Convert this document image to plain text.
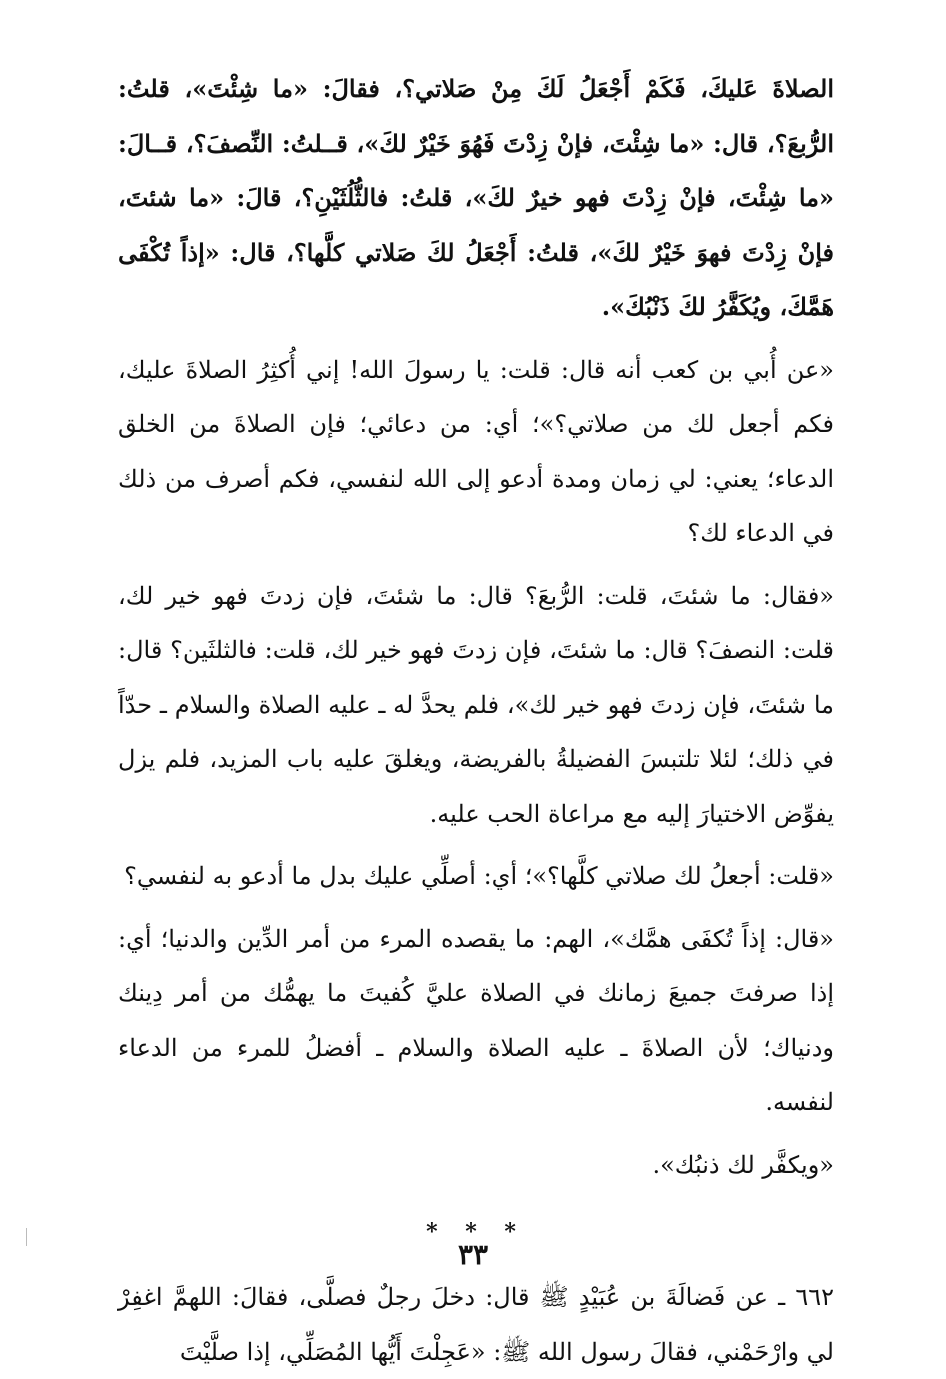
الصلاةَ عَليكَ، فَكَمْ أَجْعَلُ لَكَ مِنْ صَلاتي؟، فقالَ: «ما شِئْتَ»، قلتُ: الرُّبعَ؟، قال: «ما شِئْتَ، فإنْ زِدْتَ فَهُوَ خَيْرٌ لكَ»، قــلتُ: النِّصفَ؟، قــالَ: «ما شِئْتَ، فإنْ زِدْتَ فهو خيرٌ لكَ»، قلتُ: فالثُّلُثَيْنِ؟، قالَ: «ما شئتَ، فإنْ زِدْتَ فهوَ خَيْرٌ لكَ»، قلتُ: أَجْعَلُ لكَ صَلاتي كلَّها؟، قال: «إذاً تُكْفَى هَمَّكَ، ويُكَفَّرُ لكَ ذَنْبُكَ».

«عن أُبي بن كعب أنه قال: قلت: يا رسولَ الله! إني أُكثِرُ الصلاةَ عليك، فكم أجعل لك من صلاتي؟»؛ أي: من دعائي؛ فإن الصلاةَ من الخلق الدعاء؛ يعني: لي زمان ومدة أدعو إلى الله لنفسي، فكم أصرف من ذلك في الدعاء لك؟

«فقال: ما شئتَ، قلت: الرُّبعَ؟ قال: ما شئتَ، فإن زدتَ فهو خير لك، قلت: النصفَ؟ قال: ما شئتَ، فإن زدتَ فهو خير لك، قلت: فالثلثَين؟ قال: ما شئتَ، فإن زدتَ فهو خير لك»، فلم يحدَّ له ـ عليه الصلاة والسلام ـ حدّاً في ذلك؛ لئلا تلتبسَ الفضيلةُ بالفريضة، ويغلقَ عليه باب المزيد، فلم يزل يفوِّض الاختيارَ إليه مع مراعاة الحب عليه.

«قلت: أجعلُ لك صلاتي كلَّها؟»؛ أي: أصلِّي عليك بدل ما أدعو به لنفسي؟

«قال: إذاً تُكفَى همَّك»، الهم: ما يقصده المرء من أمر الدِّين والدنيا؛ أي: إذا صرفتَ جميعَ زمانك في الصلاة عليَّ كُفيتَ ما يهمُّك من أمر دِينك ودنياك؛ لأن الصلاةَ ـ عليه الصلاة والسلام ـ أفضلُ للمرء من الدعاء لنفسه.

«ويكفَّر لك ذنبُك».

* * *

٦٦٢ ـ عن فَضالَةَ بن عُبَيْدٍ ﷺ قال: دخلَ رجلٌ فصلَّى، فقالَ: اللهمَّ اغفِرْ لي وارْحَمْني، فقالَ رسول الله ﷺ: «عَجِلْتَ أَيُّها المُصَلِّي، إذا صلَّيْتَ

٣٣
